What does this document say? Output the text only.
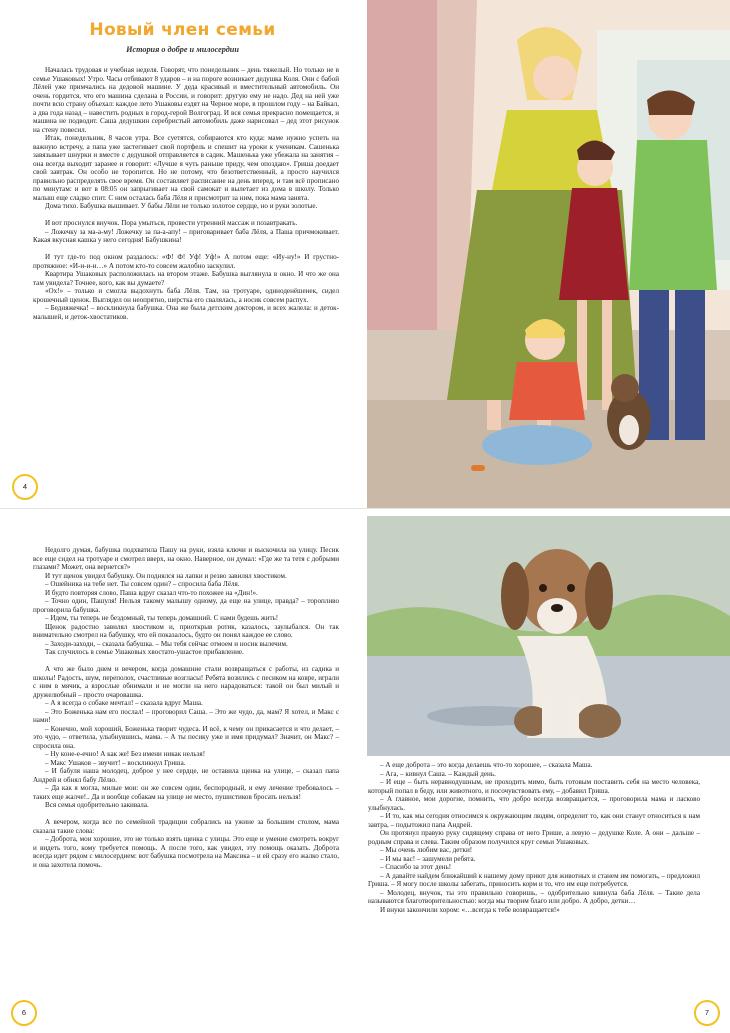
Новый член семьи
История о добре и милосердии

Началась трудовая и учебная неделя. Говорят, что понедельник – день тяжелый. Но только не в семье Ушаковых! Утро. Часы отбивают 8 ударов – и на пороге возникает дедушка Коля. Они с бабой Лёлей уже примчались на дедовой машине. У деда красивый и вместительный автомобиль. Он очень гордится, что его машина сделана в России, и говорит: другую ему не надо. Дед на ней уже почти всю страну объехал: каждое лето Ушаковы ездят на Черное море, в прошлом году – на Байкал, а два года назад – навестить родных в город-герой Волгоград. И вся семья прекрасно помещается, и машина не подводит. Саша дедушкин серебристый автомобиль даже нарисовал – дед этот рисунок на стену повесил.

Итак, понедельник, 8 часов утра. Все суетятся, собираются кто куда: маме нужно успеть на важную встречу, а папа уже застегивает свой портфель и спешит на уроки к ученикам. Сашенька завязывает шнурки и вместе с дедушкой отправляется в садик. Машенька уже убежала на занятия – она всегда выходит заранее и говорит: «Лучше я чуть раньше приду, чем опоздаю». Гриша доедает свой завтрак. Он особо не торопится. Но не потому, что безответственный, а просто научился правильно распределять свое время. Он составляет расписание на день вперед, и там всё прописано по минутам: и вот в 08:05 он запрыгивает на свой самокат и вылетает из дома в школу. Только малыш еще сладко спит. С ним осталась баба Лёля и присмотрит за ним, пока мама занята.

Дома тихо. Бабушка вышивает. У бабы Лёли не только золотое сердце, но и руки золотые.

И вот проснулся внучок. Пора умыться, провести утренний массаж и позавтракать.

– Ложечку за ма-а-му! Ложечку за па-а-апу! – приговаривает баба Лёля, а Паша причмокивает. Какая вкусная кашка у него сегодня! Бабушкина!

И тут где-то под окном раздалось: «Ф! Ф! Уф! Уф!» А потом еще: «Иу-ну!» И грустно-протяжное: «И-и-и-и…» А потом кто-то совсем жалобно заскулил.

Квартира Ушаковых расположилась на втором этаже. Бабушка выглянула в окно. И что же она там увидела? Точнее, кого, как вы думаете?

«Ох!» – только и смогла выдохнуть баба Лёля. Там, на тротуаре, одиноденёшенек, сидел крошечный щенок. Выглядел он неопрятно, шерстка его свалялась, а носик совсем распух.

– Бедняжечка! – воскликнула бабушка. Она же была детским доктором, и всех жалела: и деток-малышей, и деток-хвостатиков.

4
6	7

Недолго думая, бабушка подхватила Пашу на руки, взяла ключи и выскочила на улицу. Песик все еще сидел на тротуаре и смотрел вверх, на окно. Наверное, он думал: «Где же та тетя с добрыми глазами? Может, она вернется?»

И тут щенок увидел бабушку. Он поднялся на лапки и резво завилял хвостиком.

– Ошейника на тебе нет. Ты совсем один? – спросила баба Лёля.

И будто повторяя слово, Паша вдруг сказал что-то похожее на «Дин!».

– Точно один, Пашуля! Нельзя такому малышу одному, да еще на улице, правда? – торопливо проговорила бабушка.

– Идем, ты теперь не бездомный, ты теперь домашний. С нами будешь жить!

Щенок радостно завилял хвостиком и, приоткрыв ротик, казалось, заулыбался. Он так внимательно смотрел на бабушку, что ей показалось, будто он понял каждое ее слово.

– Заходи-заходи, – сказала бабушка. – Мы тебя сейчас отмоем и носик вылечим.

Так случилось в семье Ушаковых хвостато-ушастое прибавление.

А что же было днем и вечером, когда домашние стали возвращаться с работы, из садика и школы! Радость, шум, переполох, счастливые возгласы! Ребята возились с песиком на ковре, играли с ним в мячик, а взрослые обнимали и не могли на него нарадоваться: такой он был милый и дружелюбный – просто очаровашка.

– А я всегда о собаке мечтал! – сказала вдруг Маша.

– Это Боженька нам его послал! – проговорил Саша. – Это же чудо, да, мам? Я хотел, и Макс с нами!

– Конечно, мой хороший, Боженька творит чудеса. И всё, к чему он прикасается и что делает, – это чудо, – ответила, улыбнувшись, мама. – А ты песику уже и имя придумал? Значит, он Макс? – спросила она.

– Ну коне-е-ечно! А как же! Без имени никак нельзя!

– Макс Ушаков – звучит! – воскликнул Гриша.

– И бабуля наша молодец, доброе у нее сердце, не оставила щенка на улице, – сказал папа Андрей и обнял бабу Лёлю.

– Да как я могла, милые мои: он же совсем один, беспородный, и ему лечение требовалось – таких еще жалче!.. Да и вообще собакам на улице не место, пушистиков бросать нельзя!

Вся семья одобрительно закивала.

А вечером, когда все по семейной традиции собрались на ужине за большим столом, мама сказала такие слова:

– Доброта, мои хорошие, это не только взять щенка с улицы. Это еще и умение смотреть вокруг и видеть того, кому требуется помощь. А после того, как увидел, эту помощь оказать. Доброта всегда идет рядом с милосердием: вот бабушка посмотрела на Максика – и ей сразу его жалко стало, и она захотела помочь.

– А еще доброта – это когда делаешь что-то хорошее, – сказала Маша.

– Ага, – кивнул Саша. – Каждый день.

– И еще – быть неравнодушным, не проходить мимо, быть готовым поставить себя на место человека, который попал в беду, или животного, и посочувствовать ему, – добавил Гриша.

– А главное, мои дорогие, помнить, что добро всегда возвращается, – проговорила мама и ласково улыбнулась.

– И то, как мы сегодня относимся к окружающим людям, определит то, как они станут относиться к нам завтра, – подытожил папа Андрей.

Он протянул правую руку сидящему справа от него Грише, а левую – дедушке Коле. А они – дальше – родным справа и слева. Таким образом получился круг семьи Ушаковых.

– Мы очень любим вас, детки!

– И мы вас! – зашумели ребята.

– Спасибо за этот день!

– А давайте найдем ближайший к нашему дому приют для животных и станем им помогать, – предложил Гриша. – Я могу после школы забегать, приносить корм и то, что им еще потребуется.

– Молодец, внучок, ты это правильно говоришь, – одобрительно кивнула баба Лёля. – Такие дела называются благотворительностью: когда мы творим благо или добро. А добро, детки…

И внуки закончили хором: «…всегда к тебе возвращается!»
